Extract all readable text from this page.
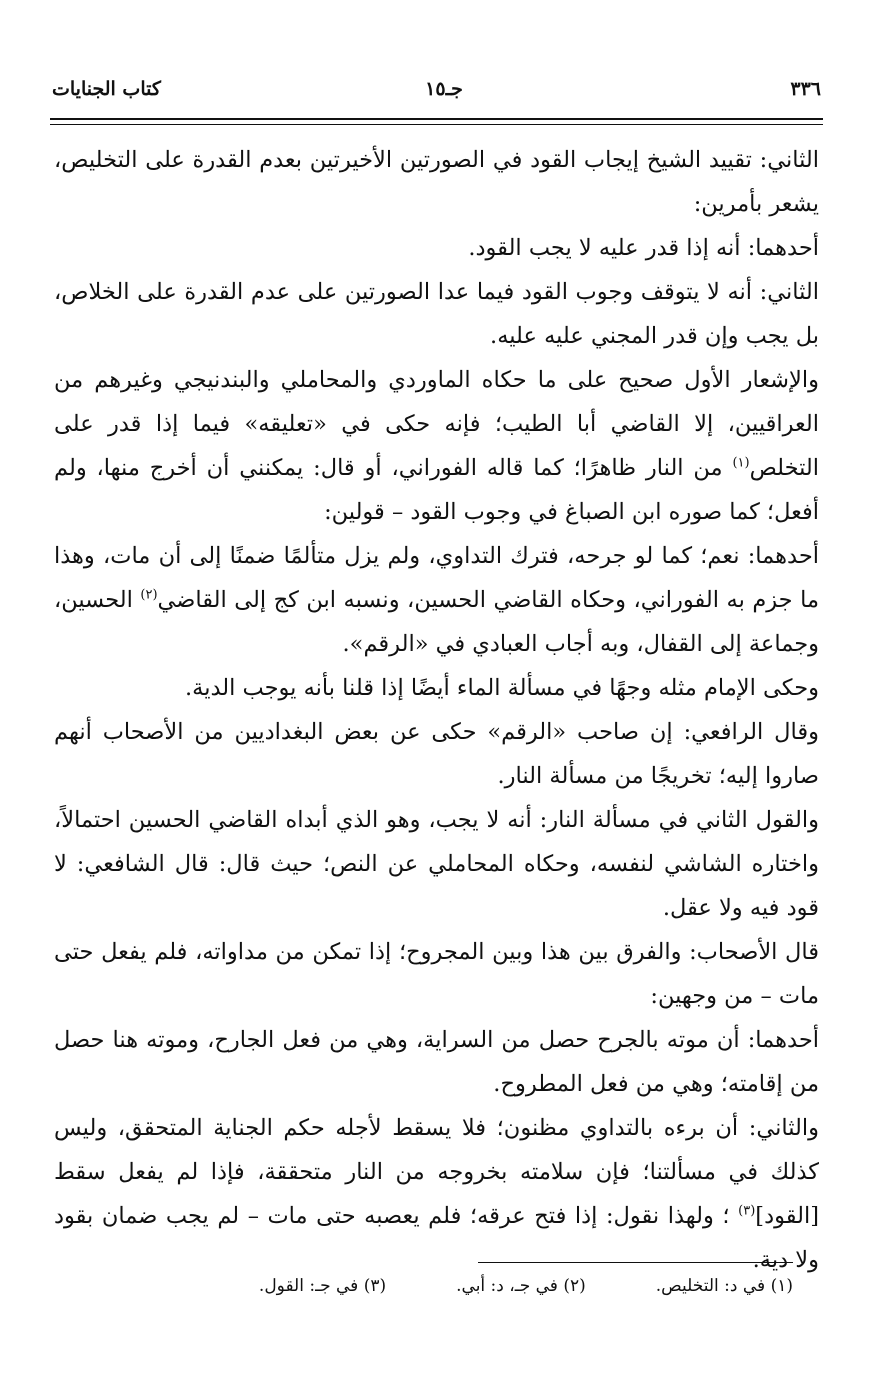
٣٣٦
جـ١٥
كتاب الجنايات

الثاني: تقييد الشيخ إيجاب القود في الصورتين الأخيرتين بعدم القدرة على التخليص، يشعر بأمرين:

أحدهما: أنه إذا قدر عليه لا يجب القود.

الثاني: أنه لا يتوقف وجوب القود فيما عدا الصورتين على عدم القدرة على الخلاص، بل يجب وإن قدر المجني عليه عليه.

والإشعار الأول صحيح على ما حكاه الماوردي والمحاملي والبندنيجي وغيرهم من العراقيين، إلا القاضي أبا الطيب؛ فإنه حكى في «تعليقه» فيما إذا قدر على التخلص$^{(١)}$ من النار ظاهرًا؛ كما قاله الفوراني، أو قال: يمكنني أن أخرج منها، ولم أفعل؛ كما صوره ابن الصباغ في وجوب القود – قولين:

أحدهما: نعم؛ كما لو جرحه، فترك التداوي، ولم يزل متألمًا ضمنًا إلى أن مات، وهذا ما جزم به الفوراني، وحكاه القاضي الحسين، ونسبه ابن كج إلى القاضي$^{(٢)}$ الحسين، وجماعة إلى القفال، وبه أجاب العبادي في «الرقم».

وحكى الإمام مثله وجهًا في مسألة الماء أيضًا إذا قلنا بأنه يوجب الدية.

وقال الرافعي: إن صاحب «الرقم» حكى عن بعض البغداديين من الأصحاب أنهم صاروا إليه؛ تخريجًا من مسألة النار.

والقول الثاني في مسألة النار: أنه لا يجب، وهو الذي أبداه القاضي الحسين احتمالاً، واختاره الشاشي لنفسه، وحكاه المحاملي عن النص؛ حيث قال: قال الشافعي: لا قود فيه ولا عقل.

قال الأصحاب: والفرق بين هذا وبين المجروح؛ إذا تمكن من مداواته، فلم يفعل حتى مات – من وجهين:

أحدهما: أن موته بالجرح حصل من السراية، وهي من فعل الجارح، وموته هنا حصل من إقامته؛ وهي من فعل المطروح.

والثاني: أن برءه بالتداوي مظنون؛ فلا يسقط لأجله حكم الجناية المتحقق، وليس كذلك في مسألتنا؛ فإن سلامته بخروجه من النار متحققة، فإذا لم يفعل سقط [القود]$^{(٣)}$ ؛ ولهذا نقول: إذا فتح عرقه؛ فلم يعصبه حتى مات – لم يجب ضمان بقود ولا دية.

(١) في د: التخليص.
(٢) في جـ، د: أبي.
(٣) في جـ: القول.
